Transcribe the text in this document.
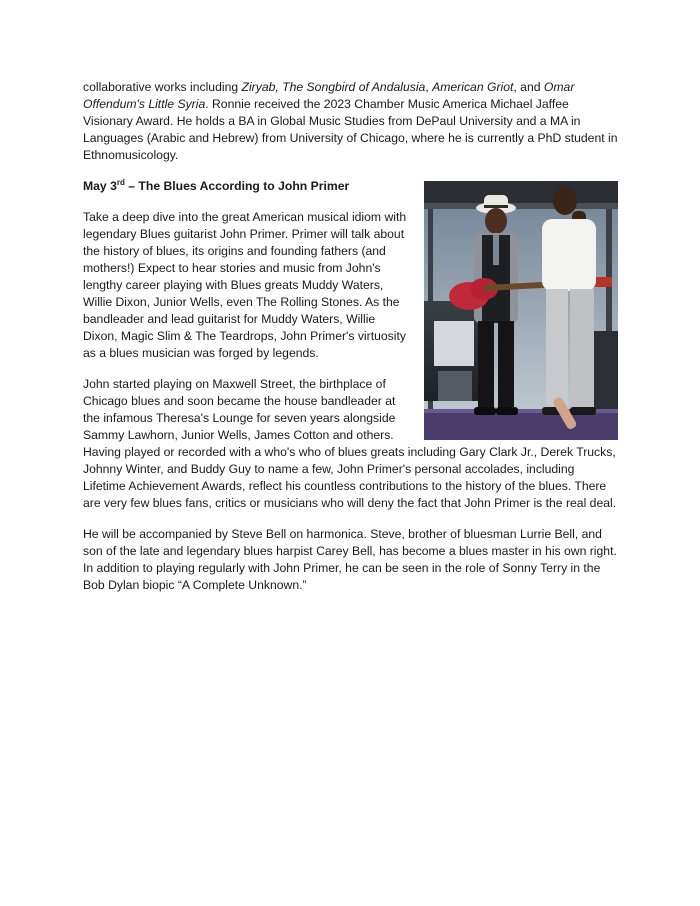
collaborative works including Ziryab, The Songbird of Andalusia, American Griot, and Omar Offendum's Little Syria. Ronnie received the 2023 Chamber Music America Michael Jaffee Visionary Award. He holds a BA in Global Music Studies from DePaul University and a MA in Languages (Arabic and Hebrew) from University of Chicago, where he is currently a PhD student in Ethnomusicology.

May 3rd – The Blues According to John Primer

Take a deep dive into the great American musical idiom with legendary Blues guitarist John Primer. Primer will talk about the history of blues, its origins and founding fathers (and mothers!) Expect to hear stories and music from John's lengthy career playing with Blues greats Muddy Waters, Willie Dixon, Junior Wells, even The Rolling Stones. As the bandleader and lead guitarist for Muddy Waters, Willie Dixon, Magic Slim & The Teardrops, John Primer's virtuosity as a blues musician was forged by legends.

John started playing on Maxwell Street, the birthplace of Chicago blues and soon became the house bandleader at the infamous Theresa's Lounge for seven years alongside Sammy Lawhorn, Junior Wells, James Cotton and others. Having played or recorded with a who's who of blues greats including Gary Clark Jr., Derek Trucks, Johnny Winter, and Buddy Guy to name a few, John Primer's personal accolades, including Lifetime Achievement Awards, reflect his countless contributions to the history of the blues. There are very few blues fans, critics or musicians who will deny the fact that John Primer is the real deal.

He will be accompanied by Steve Bell on harmonica. Steve, brother of bluesman Lurrie Bell, and son of the late and legendary blues harpist Carey Bell, has become a blues master in his own right. In addition to playing regularly with John Primer, he can be seen in the role of Sonny Terry in the Bob Dylan biopic “A Complete Unknown.”
